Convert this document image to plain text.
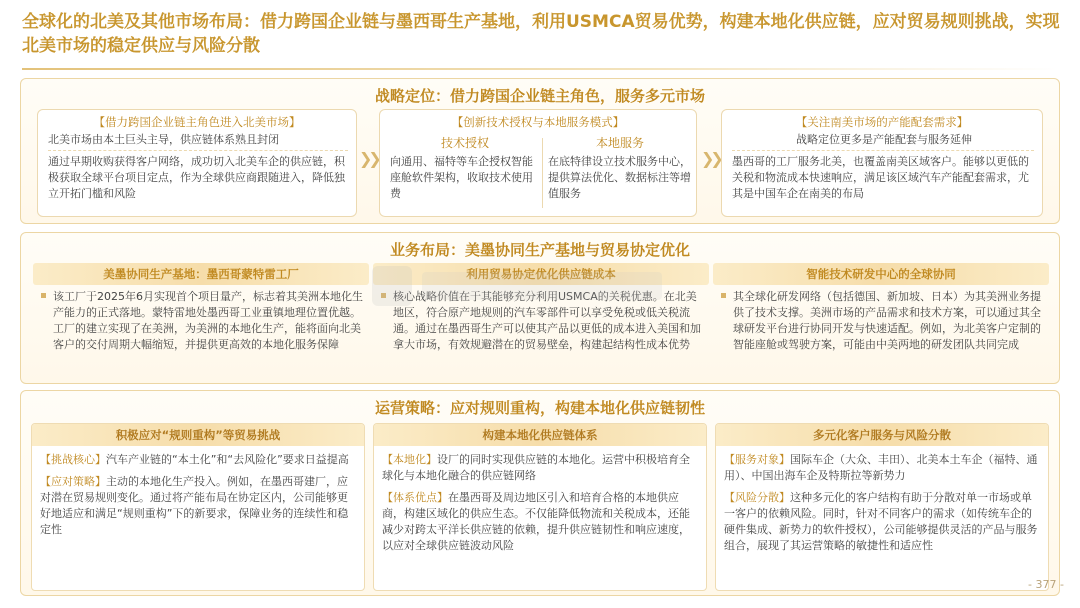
全球化的北美及其他市场布局：借力跨国企业链与墨西哥生产基地，利用USMCA贸易优势，构建本地化供应链，应对贸易规则挑战，实现北美市场的稳定供应与风险分散
战略定位：借力跨国企业链主角色，服务多元市场
【借力跨国企业链主角色进入北美市场】
北美市场由本土巨头主导，供应链体系熟且封闭
通过早期收购获得客户网络，成功切入北美车企的供应链，积极获取全球平台项目定点，作为全球供应商跟随进入，降低独立开拓门槛和风险
❯❯
【创新技术授权与本地服务模式】
技术授权
向通用、福特等车企授权智能座舱软件架构，收取技术使用费
本地服务
在底特律设立技术服务中心，提供算法优化、数据标注等增值服务
❯❯
【关注南美市场的产能配套需求】
战略定位更多是产能配套与服务延伸
墨西哥的工厂服务北美，也覆盖南美区域客户。能够以更低的关税和物流成本快速响应，满足该区域汽车产能配套需求，尤其是中国车企在南美的布局
业务布局：美墨协同生产基地与贸易协定优化
美墨协同生产基地：墨西哥蒙特雷工厂
该工厂于2025年6月实现首个项目量产，标志着其美洲本地化生产能力的正式落地。蒙特雷地处墨西哥工业重镇地理位置优越。工厂的建立实现了在美洲，为美洲的本地化生产，能将面向北美客户的交付周期大幅缩短，并提供更高效的本地化服务保障
利用贸易协定优化供应链成本
核心战略价值在于其能够充分利用USMCA的关税优惠。在北美地区，符合原产地规则的汽车零部件可以享受免税或低关税流通。通过在墨西哥生产可以使其产品以更低的成本进入美国和加拿大市场，有效规避潜在的贸易壁垒，构建起结构性成本优势
智能技术研发中心的全球协同
其全球化研发网络（包括德国、新加坡、日本）为其美洲业务提供了技术支撑。美洲市场的产品需求和技术方案，可以通过其全球研发平台进行协同开发与快速适配。例如，为北美客户定制的智能座舱或驾驶方案，可能由中美两地的研发团队共同完成
运营策略：应对规则重构，构建本地化供应链韧性
积极应对“规则重构”等贸易挑战
【挑战核心】汽车产业链的“本土化”和“去风险化”要求日益提高
【应对策略】主动的本地化生产投入。例如，在墨西哥建厂，应对潜在贸易规则变化。通过将产能布局在协定区内，公司能够更好地适应和满足“规则重构”下的新要求，保障业务的连续性和稳定性
构建本地化供应链体系
【本地化】设厂的同时实现供应链的本地化。运营中积极培育全球化与本地化融合的供应链网络
【体系优点】在墨西哥及周边地区引入和培育合格的本地供应商，构建区域化的供应生态。不仅能降低物流和关税成本，还能减少对跨太平洋长供应链的依赖，提升供应链韧性和响应速度，以应对全球供应链波动风险
多元化客户服务与风险分散
【服务对象】国际车企（大众、丰田）、北美本土车企（福特、通用）、中国出海车企及特斯拉等新势力
【风险分散】这种多元化的客户结构有助于分散对单一市场或单一客户的依赖风险。同时，针对不同客户的需求（如传统车企的硬件集成、新势力的软件授权），公司能够提供灵活的产品与服务组合，展现了其运营策略的敏捷性和适应性
- 377 -
